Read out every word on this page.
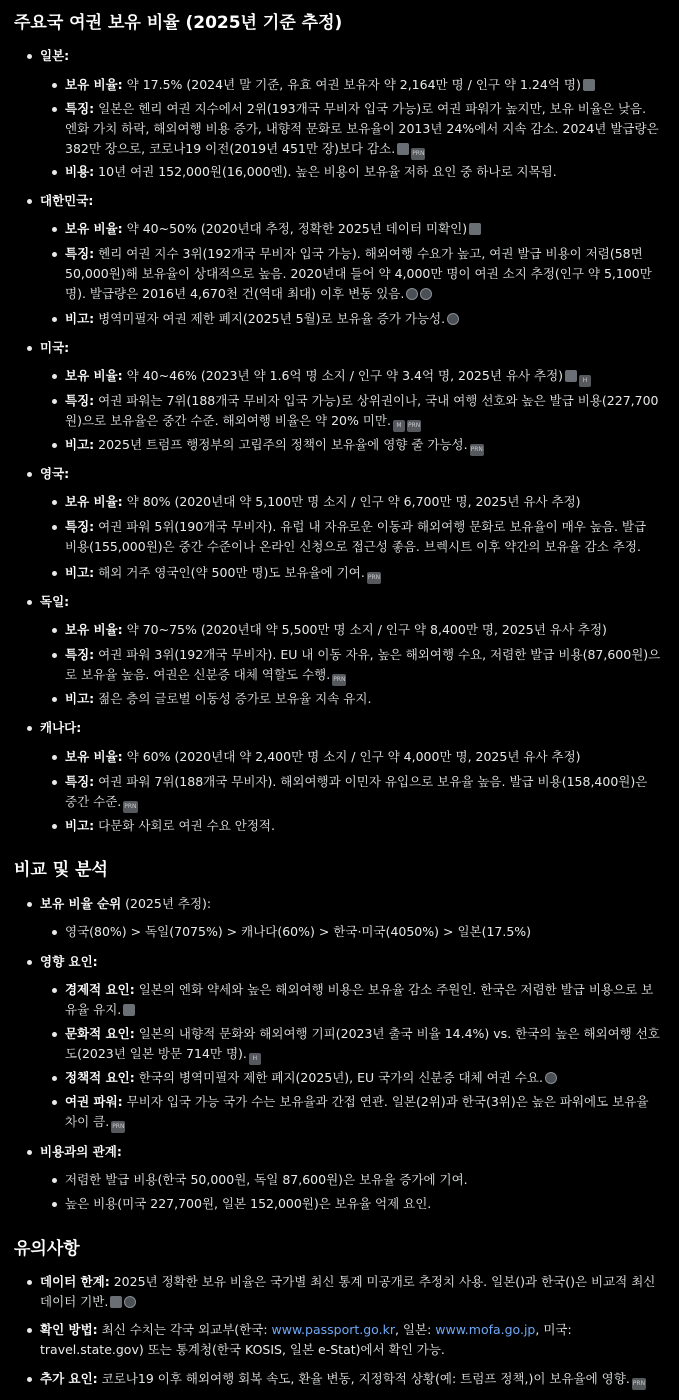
주요국 여권 보유 비율 (2025년 기준 추정)
일본:
보유 비율: 약 17.5% (2024년 말 기준, 유효 여권 보유자 약 2,164만 명 / 인구 약 1.24억 명)
특징: 일본은 헨리 여권 지수에서 2위(193개국 무비자 입국 가능)로 여권 파워가 높지만, 보유 비율은 낮음. 엔화 가치 하락, 해외여행 비용 증가, 내향적 문화로 보유율이 2013년 24%에서 지속 감소. 2024년 발급량은 382만 장으로, 코로나19 이전(2019년 451만 장)보다 감소.	PRN
비용: 10년 여권 152,000원(16,000엔). 높은 비용이 보유율 저하 요인 중 하나로 지목됨.
대한민국:
보유 비율: 약 40~50% (2020년대 추정, 정확한 2025년 데이터 미확인)
특징: 헨리 여권 지수 3위(192개국 무비자 입국 가능). 해외여행 수요가 높고, 여권 발급 비용이 저렴(58면 50,000원)해 보유율이 상대적으로 높음. 2020년대 들어 약 4,000만 명이 여권 소지 추정(인구 약 5,100만 명). 발급량은 2016년 4,670천 건(역대 최대) 이후 변동 있음.
비고: 병역미필자 여권 제한 폐지(2025년 5월)로 보유율 증가 가능성.
미국:
보유 비율: 약 40~46% (2023년 약 1.6억 명 소지 / 인구 약 3.4억 명, 2025년 유사 추정)	H
특징: 여권 파워는 7위(188개국 무비자 입국 가능)로 상위권이나, 국내 여행 선호와 높은 발급 비용(227,700원)으로 보유율은 중간 수준. 해외여행 비율은 약 20% 미만. M PRN
비고: 2025년 트럼프 행정부의 고립주의 정책이 보유율에 영향 줄 가능성. PRN
영국:
보유 비율: 약 80% (2020년대 약 5,100만 명 소지 / 인구 약 6,700만 명, 2025년 유사 추정)
특징: 여권 파워 5위(190개국 무비자). 유럽 내 자유로운 이동과 해외여행 문화로 보유율이 매우 높음. 발급 비용(155,000원)은 중간 수준이나 온라인 신청으로 접근성 좋음. 브렉시트 이후 약간의 보유율 감소 추정.
비고: 해외 거주 영국인(약 500만 명)도 보유율에 기여. PRN
독일:
보유 비율: 약 70~75% (2020년대 약 5,500만 명 소지 / 인구 약 8,400만 명, 2025년 유사 추정)
특징: 여권 파워 3위(192개국 무비자). EU 내 이동 자유, 높은 해외여행 수요, 저렴한 발급 비용(87,600원)으로 보유율 높음. 여권은 신분증 대체 역할도 수행. PRN
비고: 젊은 층의 글로벌 이동성 증가로 보유율 지속 유지.
캐나다:
보유 비율: 약 60% (2020년대 약 2,400만 명 소지 / 인구 약 4,000만 명, 2025년 유사 추정)
특징: 여권 파워 7위(188개국 무비자). 해외여행과 이민자 유입으로 보유율 높음. 발급 비용(158,400원)은 중간 수준. PRN
비고: 다문화 사회로 여권 수요 안정적.
비교 및 분석
보유 비율 순위 (2025년 추정):
영국(80%) > 독일(7075%) > 캐나다(60%) > 한국·미국(4050%) > 일본(17.5%)
영향 요인:
경제적 요인: 일본의 엔화 약세와 높은 해외여행 비용은 보유율 감소 주원인. 한국은 저렴한 발급 비용으로 보유율 유지.
문화적 요인: 일본의 내향적 문화와 해외여행 기피(2023년 출국 비율 14.4%) vs. 한국의 높은 해외여행 선호도(2023년 일본 방문 714만 명). H
정책적 요인: 한국의 병역미필자 제한 폐지(2025년), EU 국가의 신분증 대체 여권 수요.
여권 파워: 무비자 입국 가능 국가 수는 보유율과 간접 연관. 일본(2위)과 한국(3위)은 높은 파워에도 보유율 차이 큼. PRN
비용과의 관계:
저렴한 발급 비용(한국 50,000원, 독일 87,600원)은 보유율 증가에 기여.
높은 비용(미국 227,700원, 일본 152,000원)은 보유율 억제 요인.
유의사항
데이터 한계: 2025년 정확한 보유 비율은 국가별 최신 통계 미공개로 추정치 사용. 일본()과 한국()은 비교적 최신 데이터 기반.
확인 방법: 최신 수치는 각국 외교부(한국: www.passport.go.kr, 일본: www.mofa.go.jp, 미국: travel.state.gov) 또는 통계청(한국 KOSIS, 일본 e-Stat)에서 확인 가능.
추가 요인: 코로나19 이후 해외여행 회복 속도, 환율 변동, 지정학적 상황(예: 트럼프 정책,)이 보유율에 영향. PRN
